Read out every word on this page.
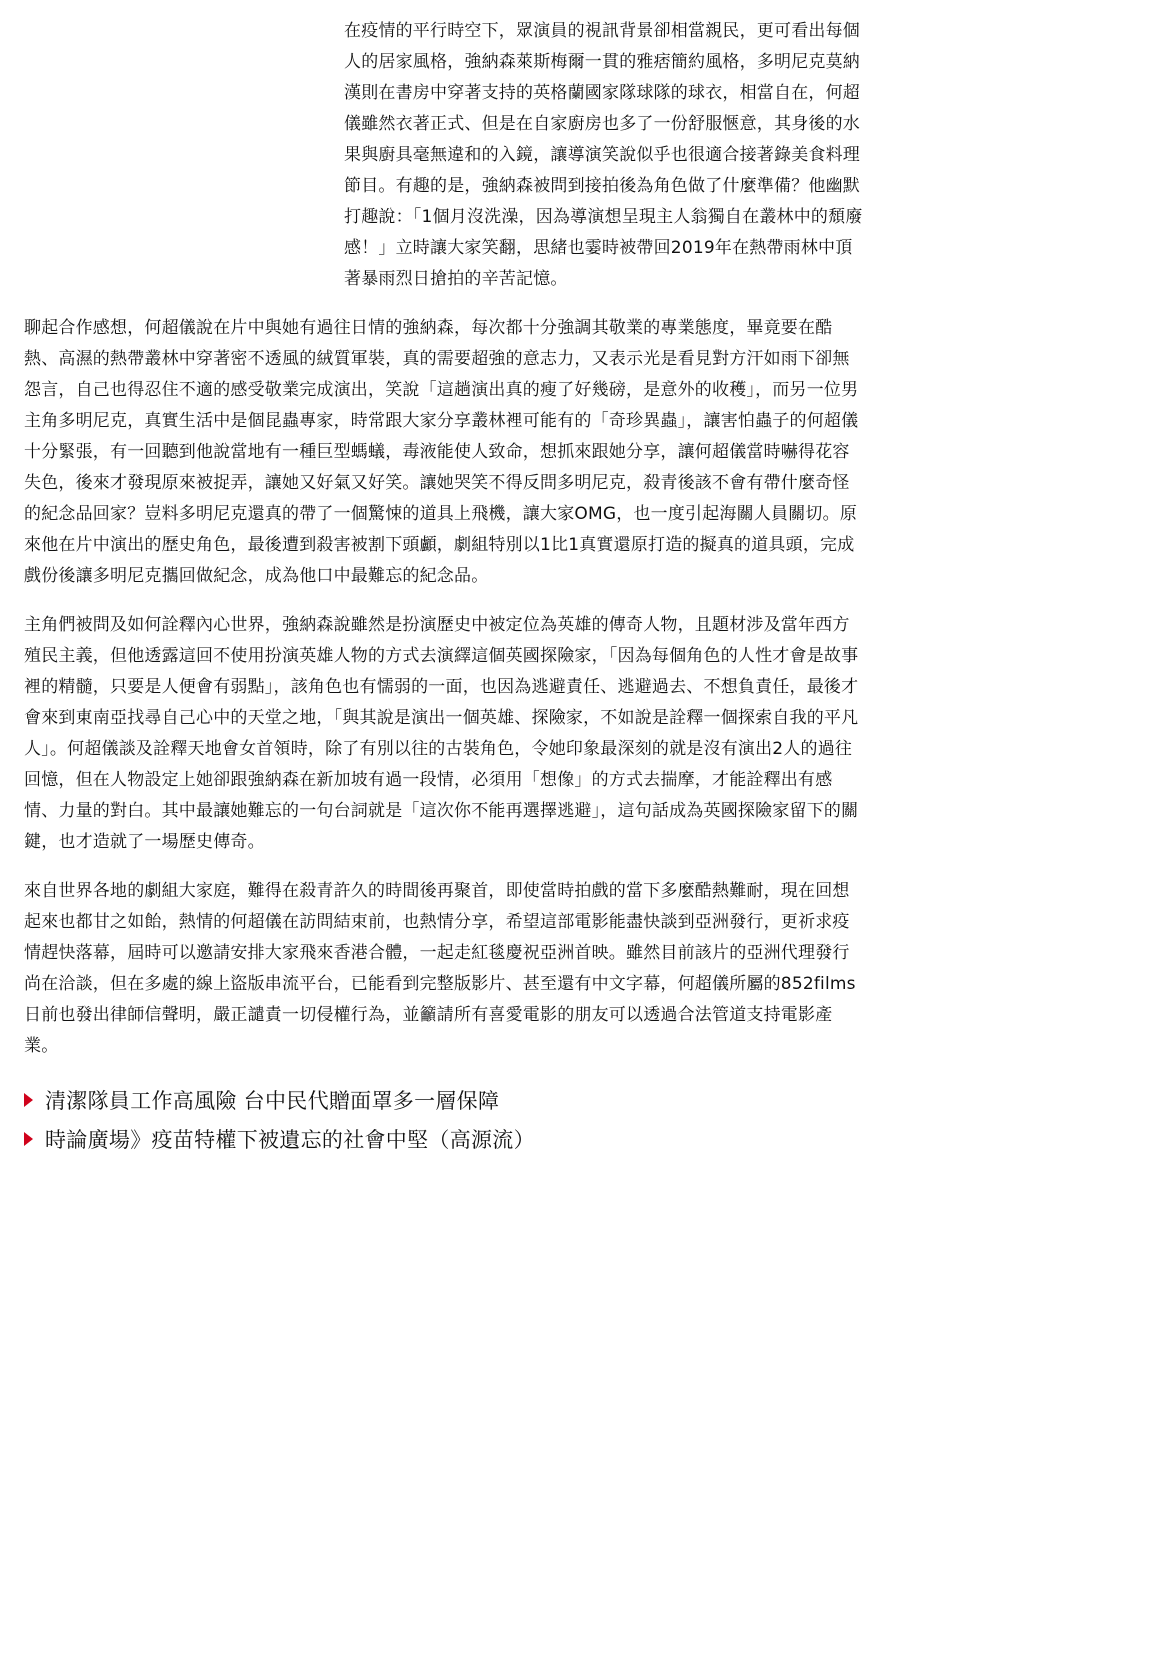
在疫情的平行時空下，眾演員的視訊背景卻相當親民，更可看出每個人的居家風格，強納森萊斯梅爾一貫的雅痞簡約風格，多明尼克莫納漢則在書房中穿著支持的英格蘭國家隊球隊的球衣，相當自在，何超儀雖然衣著正式、但是在自家廚房也多了一份舒服愜意，其身後的水果與廚具毫無違和的入鏡，讓導演笑說似乎也很適合接著錄美食料理節目。有趣的是，強納森被問到接拍後為角色做了什麼準備？他幽默打趣說：「1個月沒洗澡，因為導演想呈現主人翁獨自在叢林中的頹廢感！」立時讓大家笑翻，思緒也霎時被帶回2019年在熱帶雨林中頂著暴雨烈日搶拍的辛苦記憶。
聊起合作感想，何超儀說在片中與她有過往日情的強納森，每次都十分強調其敬業的專業態度，畢竟要在酷熱、高濕的熱帶叢林中穿著密不透風的絨質軍裝，真的需要超強的意志力，又表示光是看見對方汗如雨下卻無怨言，自己也得忍住不適的感受敬業完成演出，笑說「這趟演出真的瘦了好幾磅，是意外的收穫」，而另一位男主角多明尼克，真實生活中是個昆蟲專家，時常跟大家分享叢林裡可能有的「奇珍異蟲」，讓害怕蟲子的何超儀十分緊張，有一回聽到他說當地有一種巨型螞蟻，毒液能使人致命，想抓來跟她分享，讓何超儀當時嚇得花容失色，後來才發現原來被捉弄，讓她又好氣又好笑。讓她哭笑不得反問多明尼克，殺青後該不會有帶什麼奇怪的紀念品回家？豈料多明尼克還真的帶了一個驚悚的道具上飛機，讓大家OMG，也一度引起海關人員關切。原來他在片中演出的歷史角色，最後遭到殺害被割下頭顱，劇組特別以1比1真實還原打造的擬真的道具頭，完成戲份後讓多明尼克攜回做紀念，成為他口中最難忘的紀念品。
主角們被問及如何詮釋內心世界，強納森說雖然是扮演歷史中被定位為英雄的傳奇人物，且題材涉及當年西方殖民主義，但他透露這回不使用扮演英雄人物的方式去演繹這個英國探險家，「因為每個角色的人性才會是故事裡的精髓，只要是人便會有弱點」，該角色也有懦弱的一面，也因為逃避責任、逃避過去、不想負責任，最後才會來到東南亞找尋自己心中的天堂之地，「與其說是演出一個英雄、探險家，不如說是詮釋一個探索自我的平凡人」。何超儀談及詮釋天地會女首領時，除了有別以往的古裝角色，令她印象最深刻的就是沒有演出2人的過往回憶，但在人物設定上她卻跟強納森在新加坡有過一段情，必須用「想像」的方式去揣摩，才能詮釋出有感情、力量的對白。其中最讓她難忘的一句台詞就是「這次你不能再選擇逃避」，這句話成為英國探險家留下的關鍵，也才造就了一場歷史傳奇。
來自世界各地的劇組大家庭，難得在殺青許久的時間後再聚首，即使當時拍戲的當下多麼酷熱難耐，現在回想起來也都甘之如飴，熱情的何超儀在訪問結束前，也熱情分享，希望這部電影能盡快談到亞洲發行，更祈求疫情趕快落幕，屆時可以邀請安排大家飛來香港合體，一起走紅毯慶祝亞洲首映。雖然目前該片的亞洲代理發行尚在洽談，但在多處的線上盜版串流平台，已能看到完整版影片、甚至還有中文字幕，何超儀所屬的852films日前也發出律師信聲明，嚴正譴責一切侵權行為，並籲請所有喜愛電影的朋友可以透過合法管道支持電影產業。
清潔隊員工作高風險 台中民代贈面罩多一層保障
時論廣場》疫苗特權下被遺忘的社會中堅（高源流）
